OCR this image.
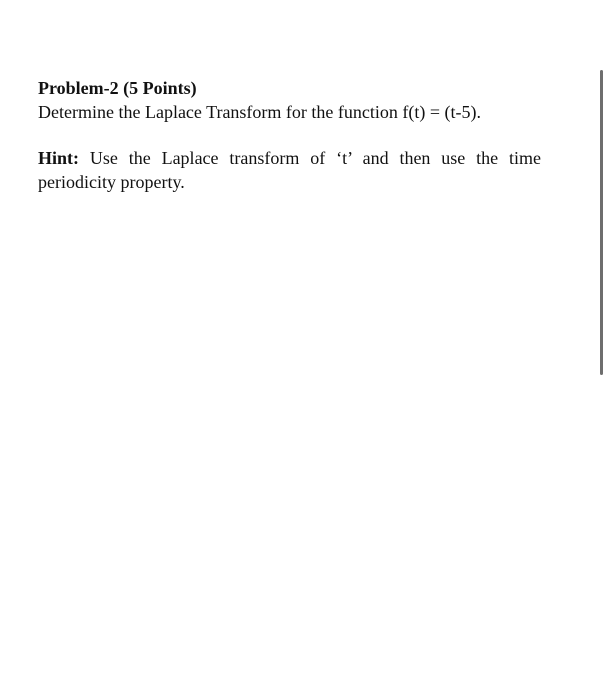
Problem-2 (5 Points)

Determine the Laplace Transform for the function f(t) = (t-5).

Hint: Use the Laplace transform of ‘t’ and then use the time periodicity property.
